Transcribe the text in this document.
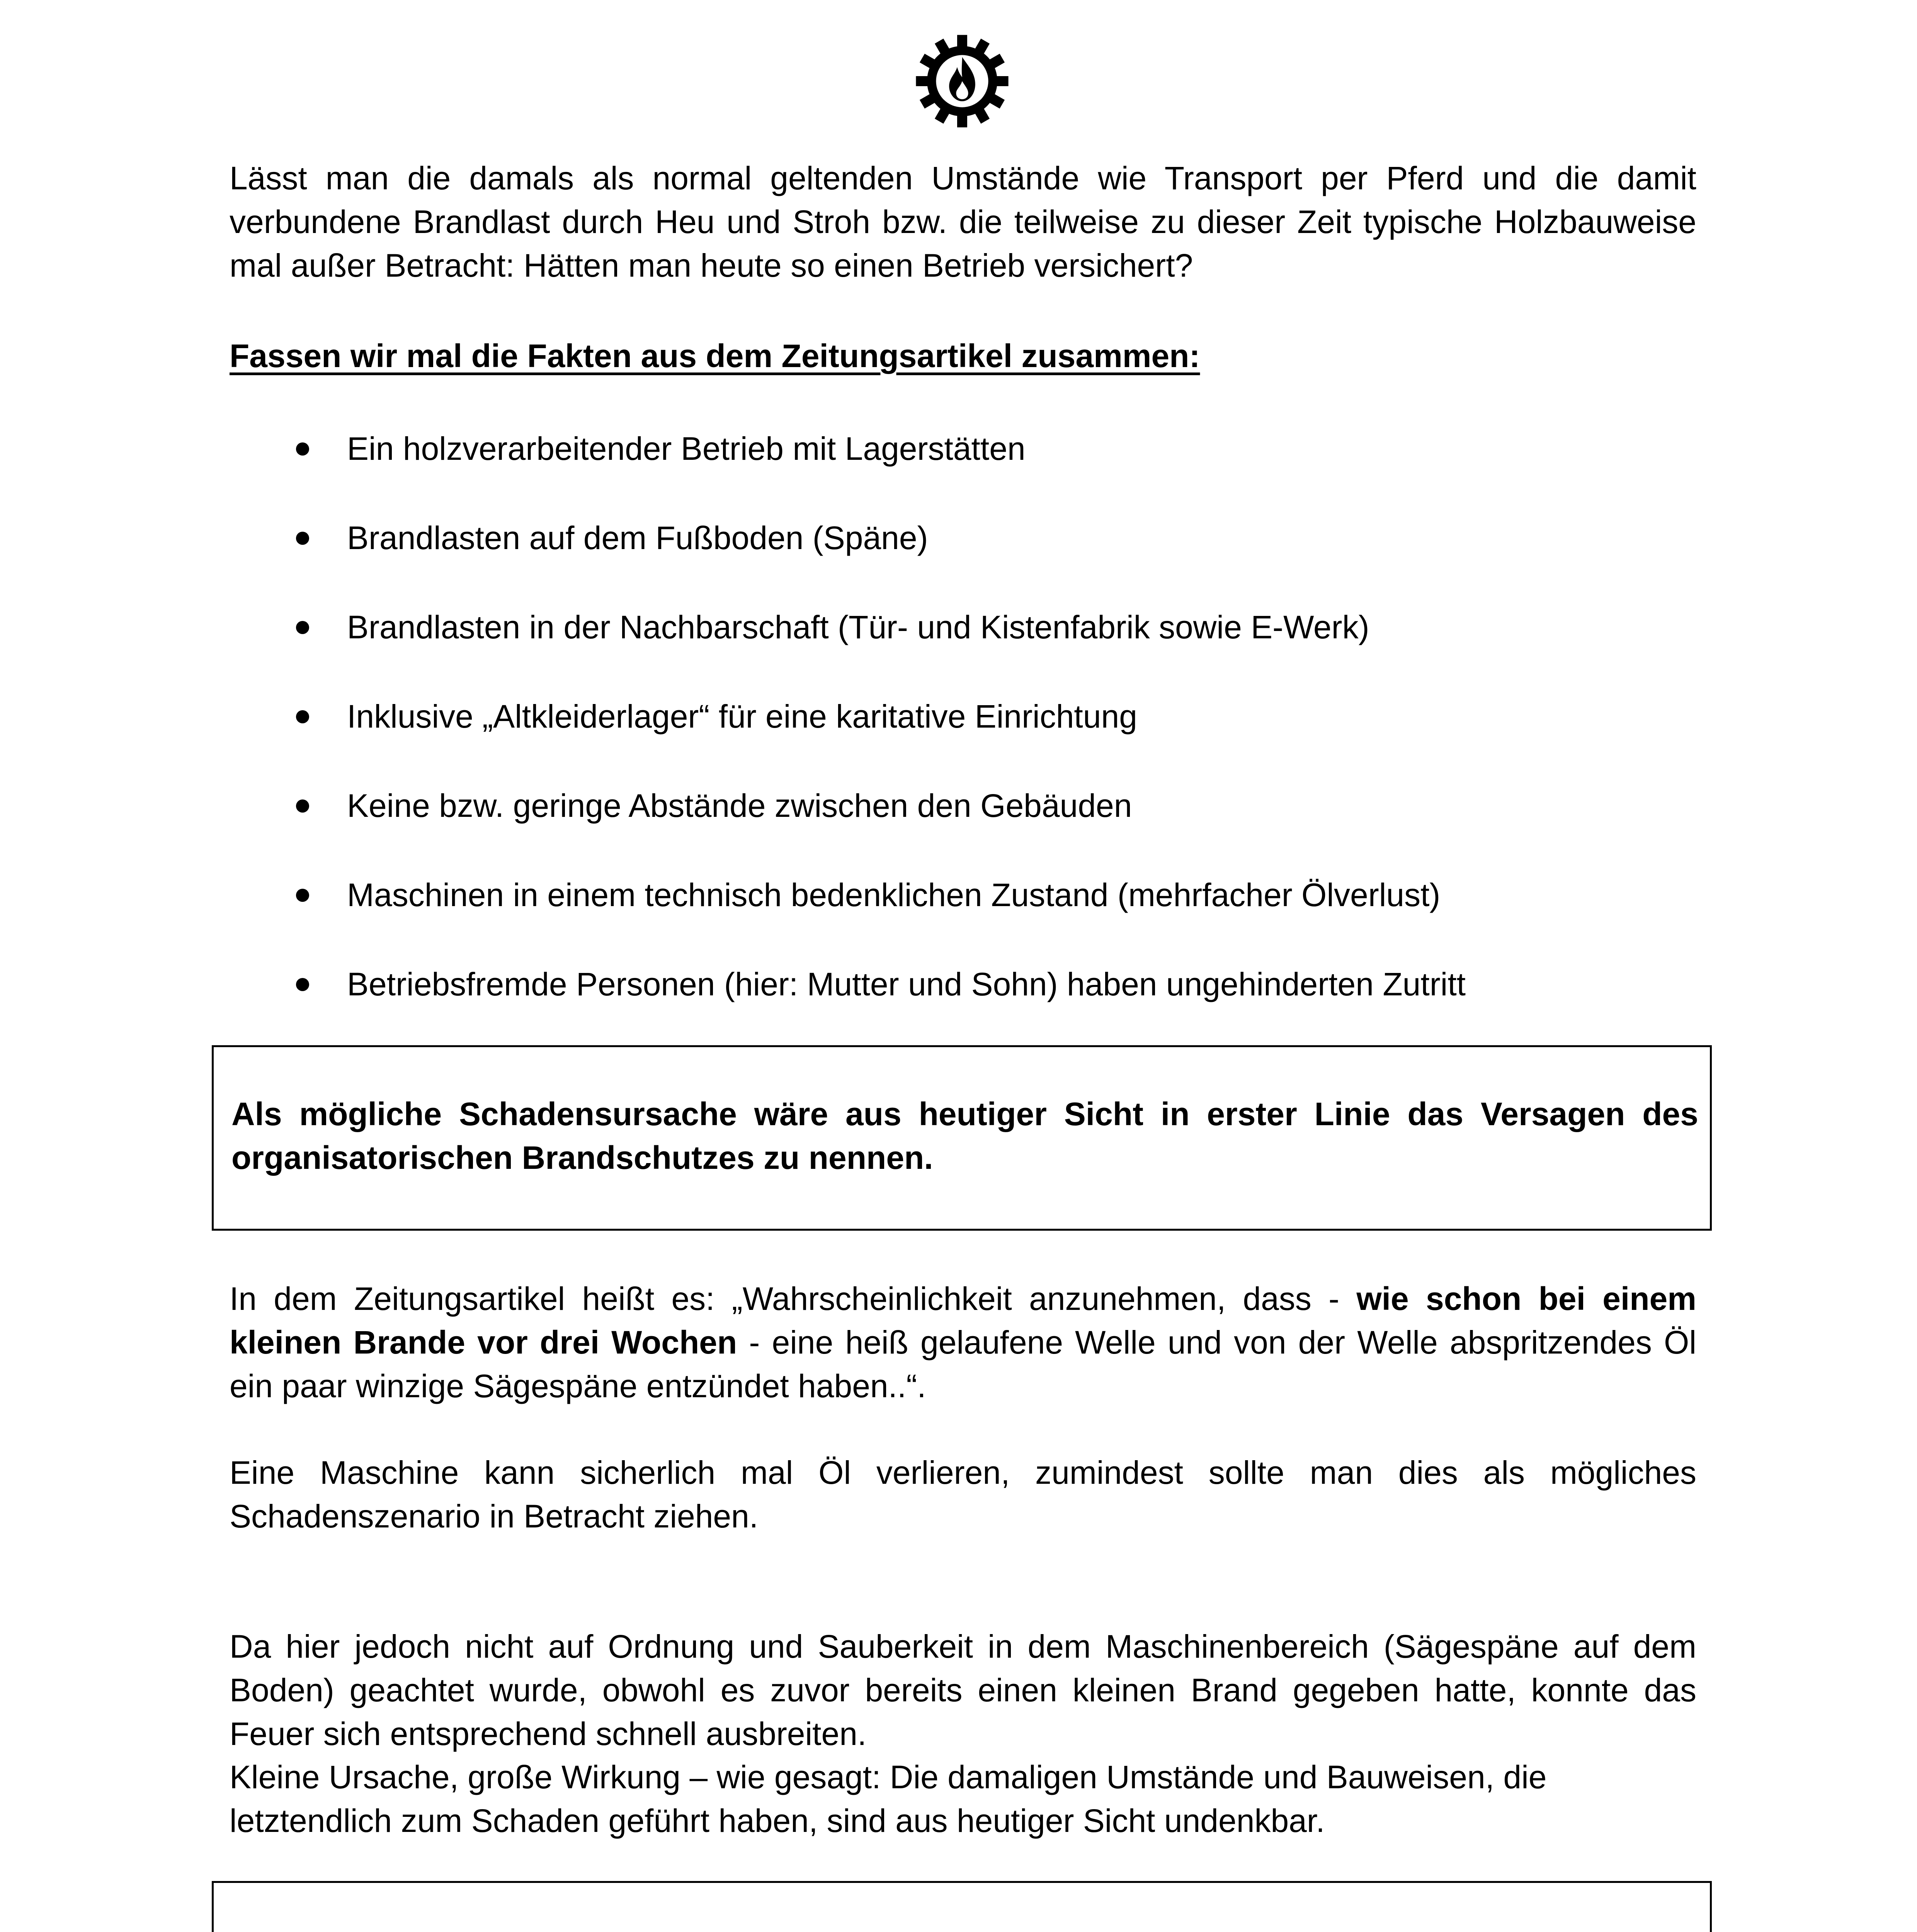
Lässt man die damals als normal geltenden Umstände wie Transport per Pferd und die damit verbundene Brandlast durch Heu und Stroh bzw. die teilweise zu dieser Zeit typische Holzbauweise mal außer Betracht: Hätten man heute so einen Betrieb versichert?

Fassen wir mal die Fakten aus dem Zeitungsartikel zusammen:
Ein holzverarbeitender Betrieb mit Lagerstätten
Brandlasten auf dem Fußboden (Späne)
Brandlasten in der Nachbarschaft (Tür- und Kistenfabrik sowie E-Werk)
Inklusive „Altkleiderlager“ für eine karitative Einrichtung
Keine bzw. geringe Abstände zwischen den Gebäuden
Maschinen in einem technisch bedenklichen Zustand (mehrfacher Ölverlust)
Betriebsfremde Personen (hier: Mutter und Sohn) haben ungehinderten Zutritt
Als mögliche Schadensursache wäre aus heutiger Sicht in erster Linie das Versagen des organisatorischen Brandschutzes zu nennen.

In dem Zeitungsartikel heißt es: „Wahrscheinlichkeit anzunehmen, dass - wie schon bei einem kleinen Brande vor drei Wochen - eine heiß gelaufene Welle und von der Welle abspritzendes Öl ein paar winzige Sägespäne entzündet haben..“.

Eine Maschine kann sicherlich mal Öl verlieren, zumindest sollte man dies als mögliches Schadenszenario in Betracht ziehen.

Da hier jedoch nicht auf Ordnung und Sauberkeit in dem Maschinenbereich (Sägespäne auf dem Boden) geachtet wurde, obwohl es zuvor bereits einen kleinen Brand gegeben hatte, konnte das Feuer sich entsprechend schnell ausbreiten.

Kleine Ursache, große Wirkung – wie gesagt: Die damaligen Umstände und Bauweisen, die letztendlich zum Schaden geführt haben, sind aus heutiger Sicht undenkbar.
